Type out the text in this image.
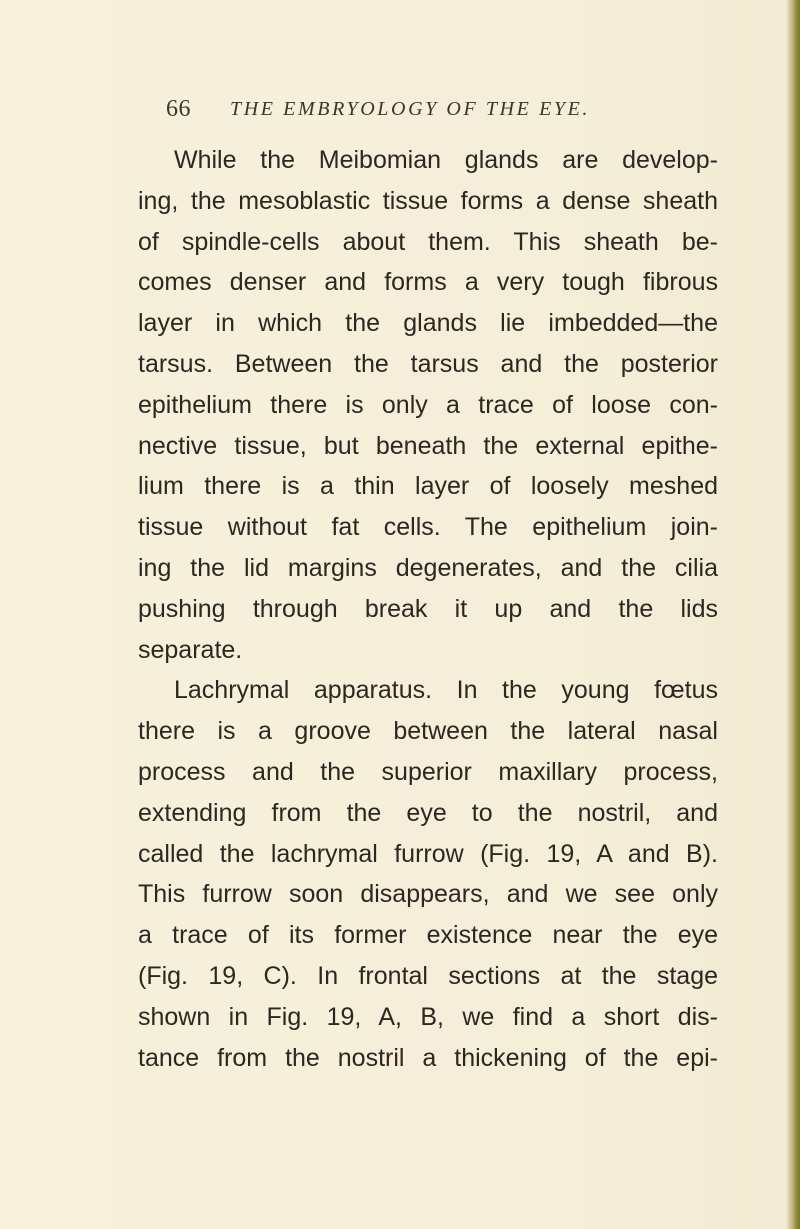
66 THE EMBRYOLOGY OF THE EYE.
While the Meibomian glands are develop-
ing, the mesoblastic tissue forms a dense sheath
of spindle-cells about them. This sheath be-
comes denser and forms a very tough fibrous
layer in which the glands lie imbedded—the
tarsus. Between the tarsus and the posterior
epithelium there is only a trace of loose con-
nective tissue, but beneath the external epithe-
lium there is a thin layer of loosely meshed
tissue without fat cells. The epithelium join-
ing the lid margins degenerates, and the cilia
pushing through break it up and the lids
separate.
Lachrymal apparatus. In the young fœtus
there is a groove between the lateral nasal
process and the superior maxillary process,
extending from the eye to the nostril, and
called the lachrymal furrow (Fig. 19, A and B).
This furrow soon disappears, and we see only
a trace of its former existence near the eye
(Fig. 19, C). In frontal sections at the stage
shown in Fig. 19, A, B, we find a short dis-
tance from the nostril a thickening of the epi-
